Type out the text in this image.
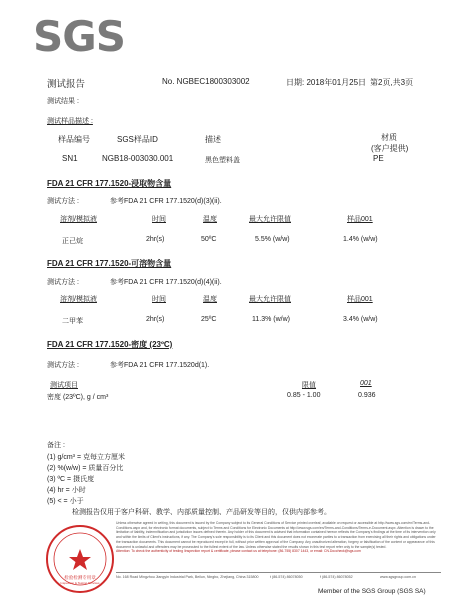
SGS
测试报告	No. NGBEC1800303002	日期: 2018年01月25日 第2页,共3页
测试结果 :
测试样品描述 :
样品编号	SGS样品ID	描述	材质
(客户提供)
SN1	NGB18-003030.001	黑色塑料盖	PE
FDA 21 CFR 177.1520-浸取物含量
测试方法 :	参考FDA 21 CFR 177.1520(d)(3)(ii).
溶剂/模拟液	时间	温度	最大允许限值	样品001
正己烷	2hr(s)	50ºC	5.5% (w/w)	1.4% (w/w)
FDA 21 CFR 177.1520-可溶物含量
测试方法 :	参考FDA 21 CFR 177.1520(d)(4)(ii).
溶剂/模拟液	时间	温度	最大允许限值	样品001
二甲苯	2hr(s)	25ºC	11.3% (w/w)	3.4% (w/w)
FDA 21 CFR 177.1520-密度 (23ºC)
测试方法 :	参考FDA 21 CFR 177.1520d(1).
测试项目	限值	001
密度 (23ºC), g / cm³	0.85 - 1.00	0.936
备注 :
(1) g/cm³ = 克每立方厘米
(2) %(w/w) = 质量百分比
(3) ºC = 摄氏度
(4) hr = 小时
(5) < = 小于
检测报告仅用于客户科研、教学、内部质量控制、产品研发等目的，仅供内部参考。
检验检测专用章
Inspection & Testing Services
Unless otherwise agreed in writing, this document is issued by the Company subject to its General Conditions of Service printed overleaf, available on request or accessible at http://www.sgs.com/en/Terms-and-Conditions.aspx and, for electronic format documents, subject to Terms and Conditions for Electronic Documents at http://www.sgs.com/en/Terms-and-Conditions/Terms-e-Document.aspx. Attention is drawn to the limitation of liability, indemnification and jurisdiction issues defined therein. Any holder of this document is advised that information contained hereon reflects the Company's findings at the time of its intervention only and within the limits of Client's instructions, if any. The Company's sole responsibility is to its Client and this document does not exonerate parties to a transaction from exercising all their rights and obligations under the transaction documents. This document cannot be reproduced except in full, without prior written approval of the Company. Any unauthorized alteration, forgery or falsification of the content or appearance of this document is unlawful and offenders may be prosecuted to the fullest extent of the law. Unless otherwise stated the results shown in this test report refer only to the sample(s) tested.
Attention: To check the authenticity of testing /inspection report & certificate, please contact us at telephone: (86-755) 8307 1443, or email: CN.Doccheck@sgs.com
No. 168 Road Mingzhou Jiangyin Industrial Park, Beilun, Ningbo, Zhejiang, China 315800	t (86-574) 86078050	f (86-574) 86078052	www.sgsgroup.com.cn
Member of the SGS Group (SGS SA)
